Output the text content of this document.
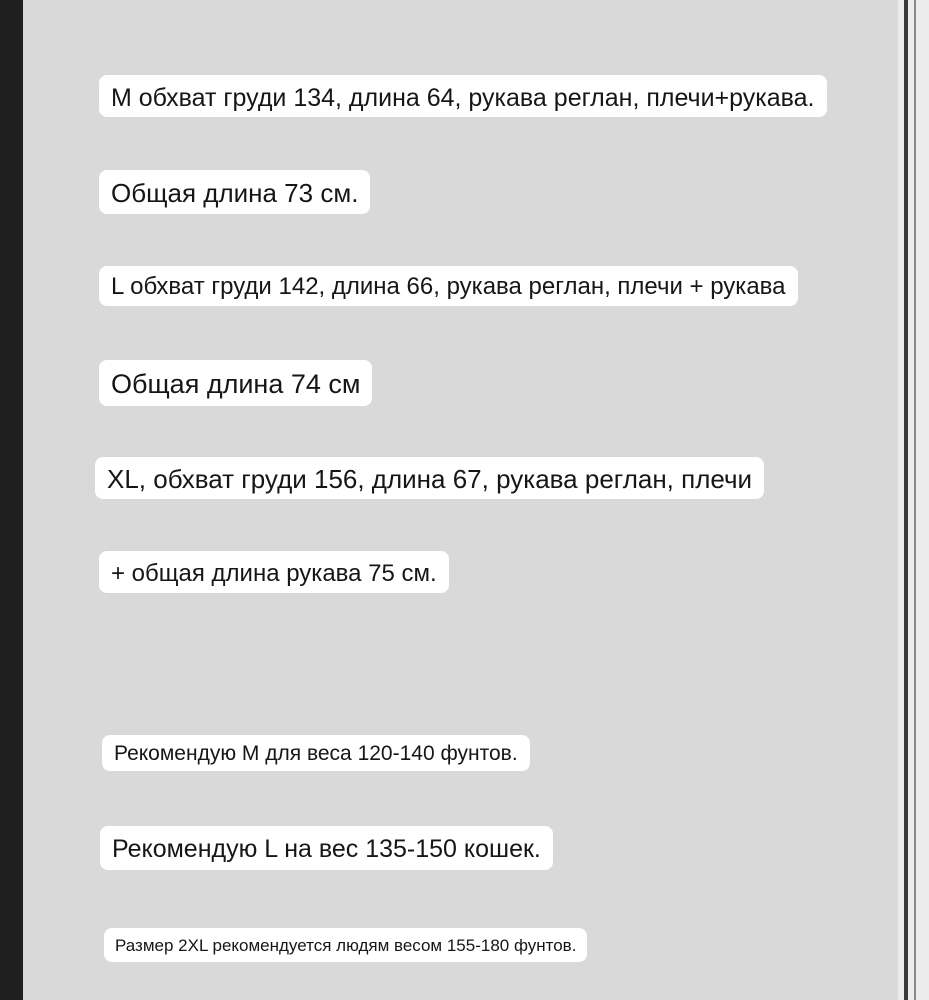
M обхват груди 134, длина 64, рукава реглан, плечи+рукава.
Общая длина 73 см.
L обхват груди 142, длина 66, рукава реглан, плечи + рукава
Общая длина 74 см
XL, обхват груди 156, длина 67, рукава реглан, плечи
+ общая длина рукава 75 см.
Рекомендую M для веса 120-140 фунтов.
Рекомендую L на вес 135-150 кошек.
Размер 2XL рекомендуется людям весом 155-180 фунтов.
